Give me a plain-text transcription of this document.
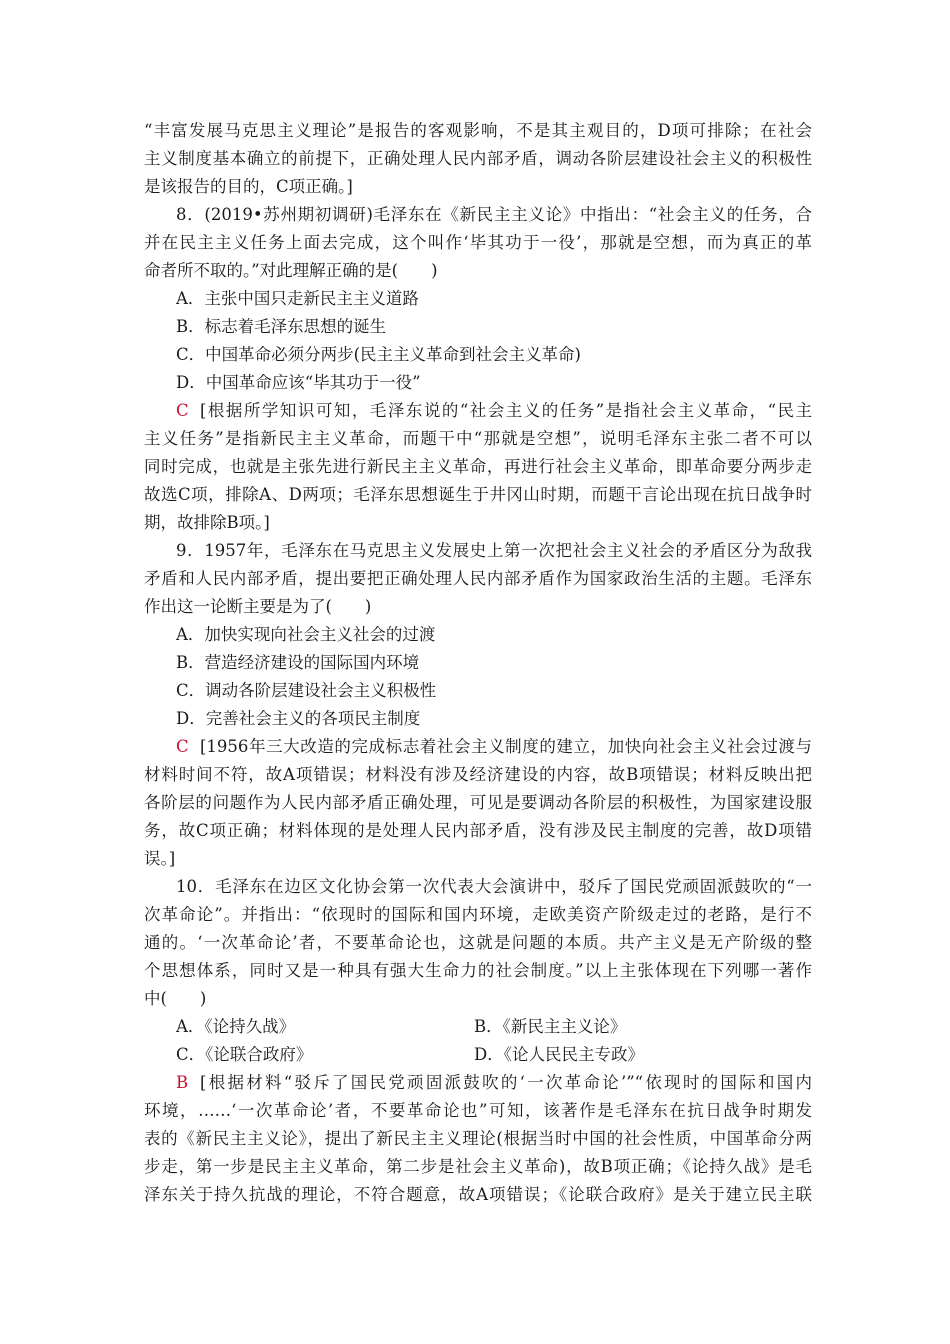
“丰富发展马克思主义理论”是报告的客观影响，不是其主观目的，D项可排除；在社会
主义制度基本确立的前提下，正确处理人民内部矛盾，调动各阶层建设社会主义的积极性
是该报告的目的，C项正确。]
8．(2019•苏州期初调研)毛泽东在《新民主主义论》中指出：“社会主义的任务，合
并在民主主义任务上面去完成，这个叫作‘毕其功于一役’，那就是空想，而为真正的革
命者所不取的。”对此理解正确的是(　　)
A．主张中国只走新民主主义道路
B．标志着毛泽东思想的诞生
C．中国革命必须分两步(民主主义革命到社会主义革命)
D．中国革命应该“毕其功于一役”
C [根据所学知识可知，毛泽东说的“社会主义的任务”是指社会主义革命，“民主
主义任务”是指新民主主义革命，而题干中“那就是空想”，说明毛泽东主张二者不可以
同时完成，也就是主张先进行新民主主义革命，再进行社会主义革命，即革命要分两步走
故选C项，排除A、D两项；毛泽东思想诞生于井冈山时期，而题干言论出现在抗日战争时
期，故排除B项。]
9．1957年，毛泽东在马克思主义发展史上第一次把社会主义社会的矛盾区分为敌我
矛盾和人民内部矛盾，提出要把正确处理人民内部矛盾作为国家政治生活的主题。毛泽东
作出这一论断主要是为了(　　)
A．加快实现向社会主义社会的过渡
B．营造经济建设的国际国内环境
C．调动各阶层建设社会主义积极性
D．完善社会主义的各项民主制度
C [1956年三大改造的完成标志着社会主义制度的建立，加快向社会主义社会过渡与
材料时间不符，故A项错误；材料没有涉及经济建设的内容，故B项错误；材料反映出把
各阶层的问题作为人民内部矛盾正确处理，可见是要调动各阶层的积极性，为国家建设服
务，故C项正确；材料体现的是处理人民内部矛盾，没有涉及民主制度的完善，故D项错
误。]
10．毛泽东在边区文化协会第一次代表大会演讲中，驳斥了国民党顽固派鼓吹的“一
次革命论”。并指出：“依现时的国际和国内环境，走欧美资产阶级走过的老路，是行不
通的。‘一次革命论’者，不要革命论也，这就是问题的本质。共产主义是无产阶级的整
个思想体系，同时又是一种具有强大生命力的社会制度。”以上主张体现在下列哪一著作
中(　　)
A．《论持久战》	B．《新民主主义论》
C．《论联合政府》	D．《论人民民主专政》
B [根据材料“驳斥了国民党顽固派鼓吹的‘一次革命论’”“依现时的国际和国内
环境，……‘一次革命论’者，不要革命论也”可知，该著作是毛泽东在抗日战争时期发
表的《新民主主义论》，提出了新民主主义理论(根据当时中国的社会性质，中国革命分两
步走，第一步是民主主义革命，第二步是社会主义革命)，故B项正确；《论持久战》是毛
泽东关于持久抗战的理论，不符合题意，故A项错误；《论联合政府》是关于建立民主联
